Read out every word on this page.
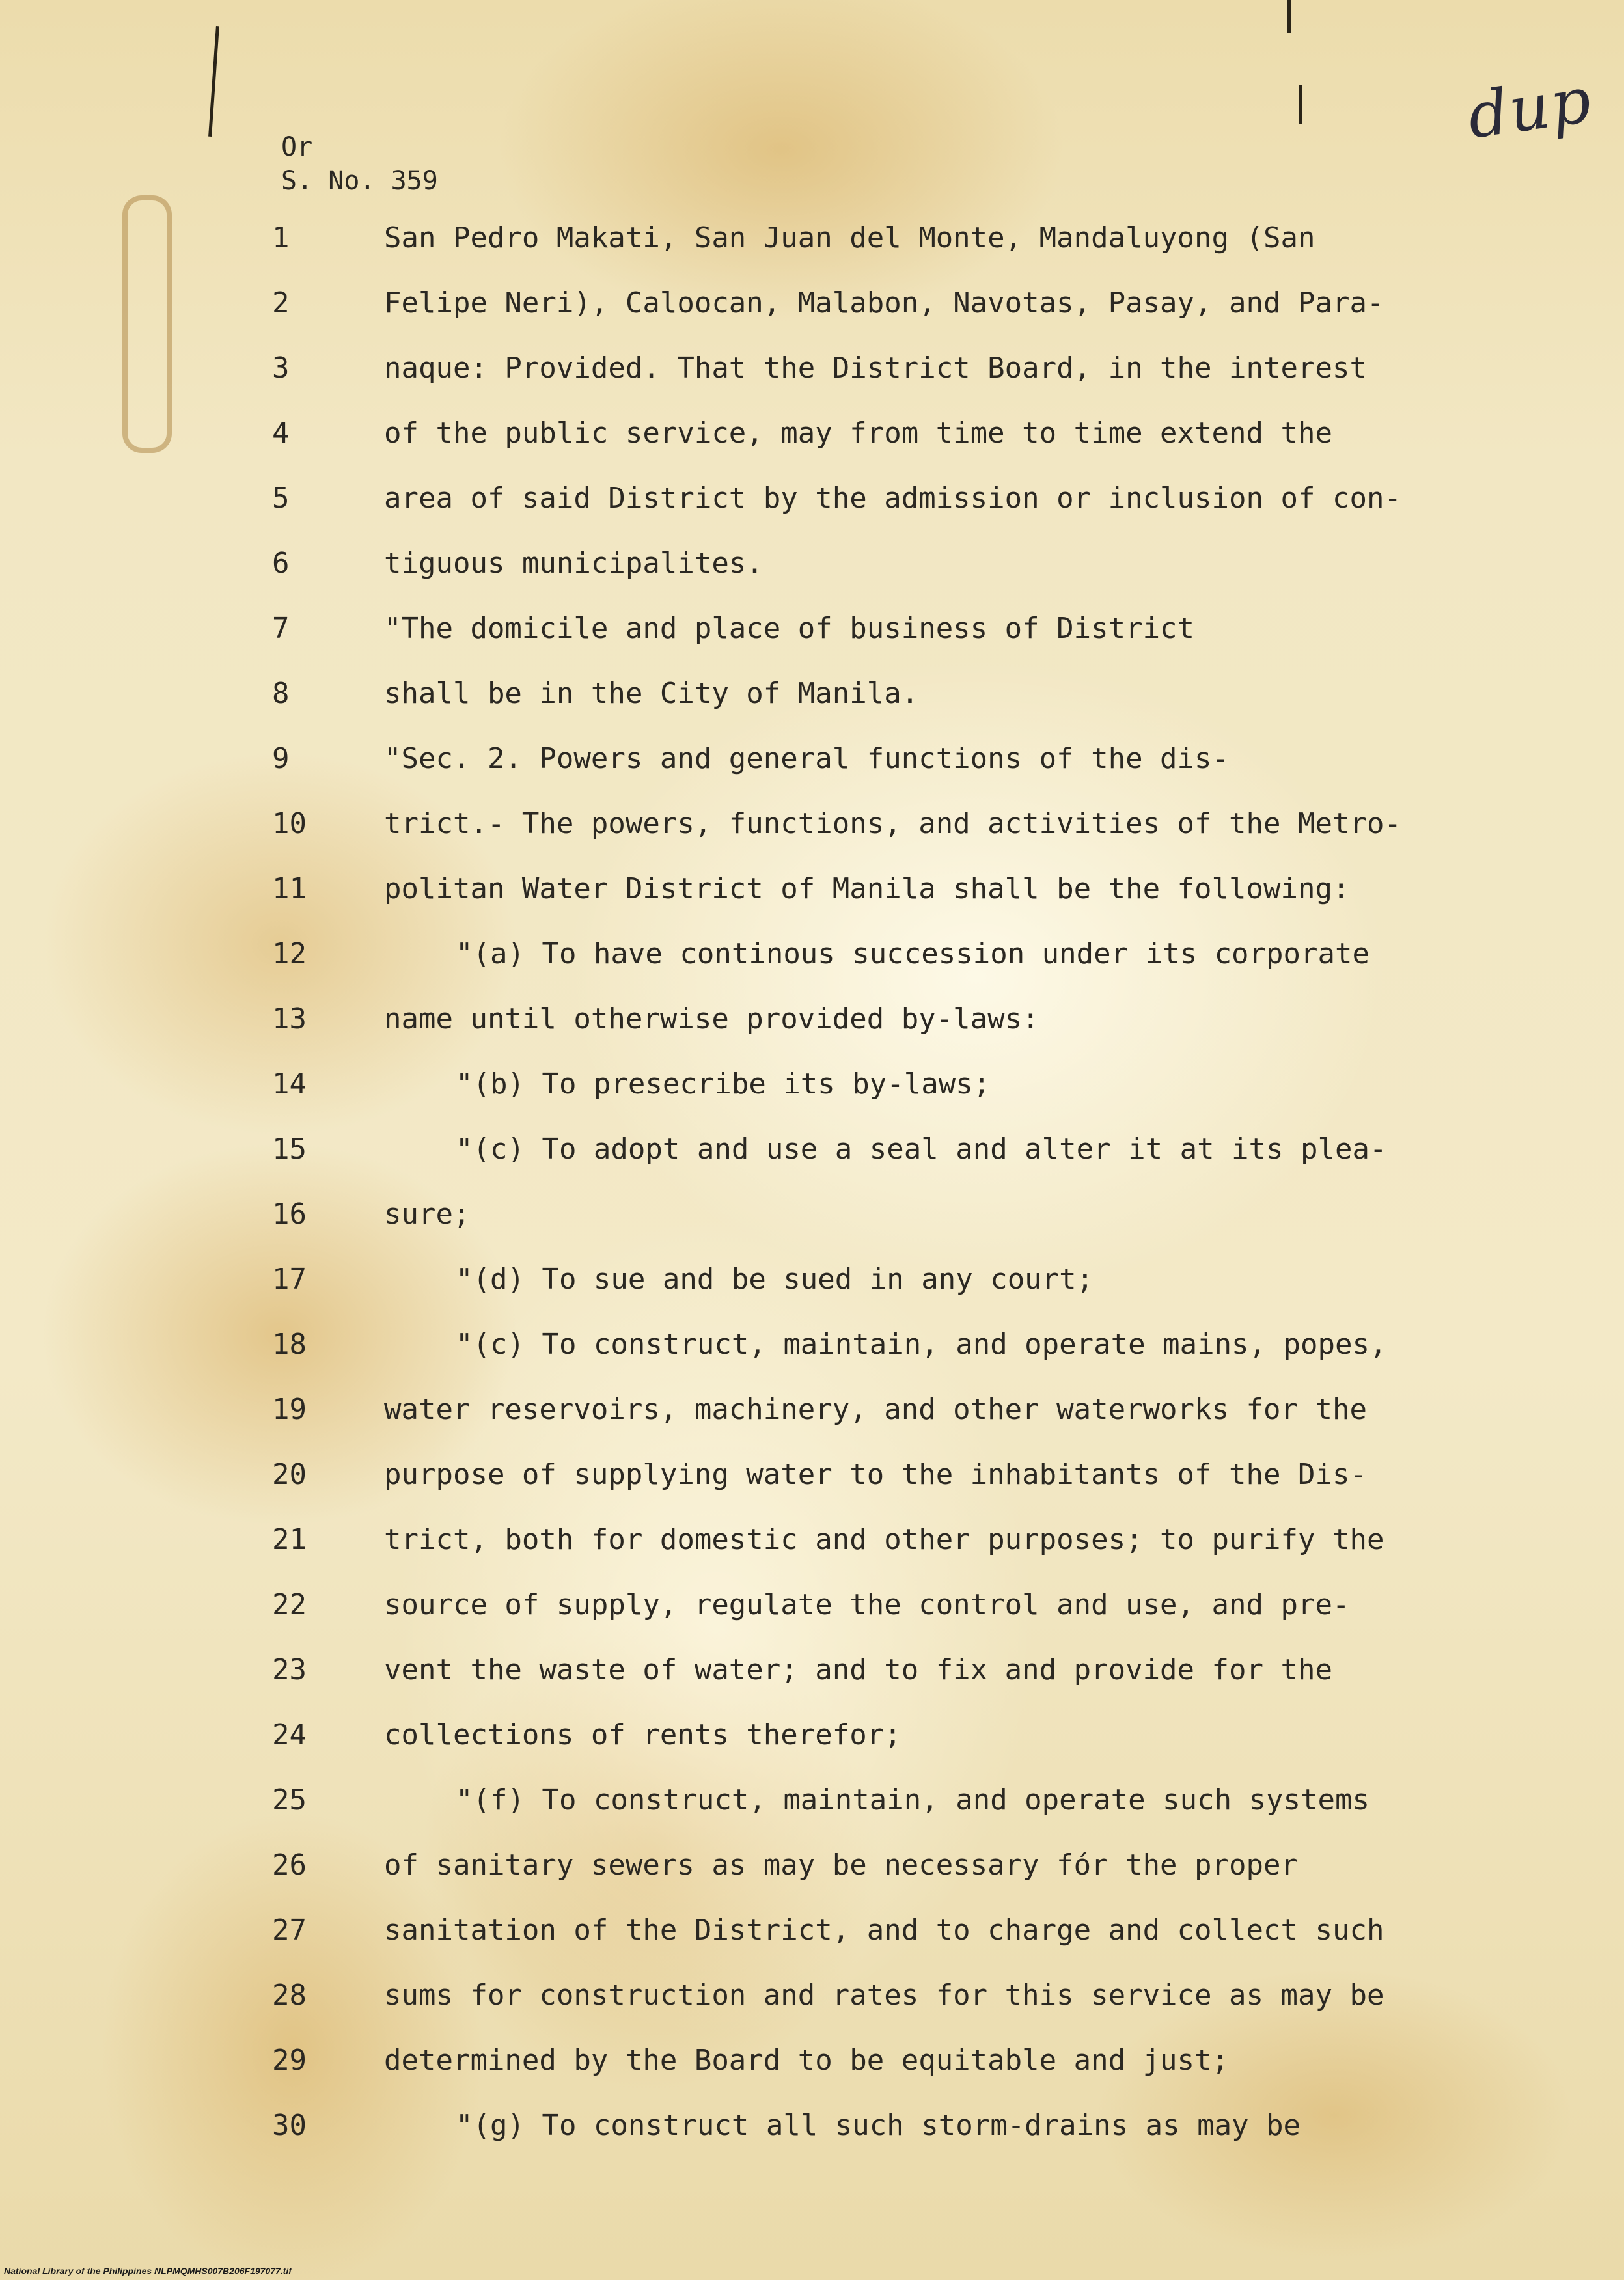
dup
Or
S. No. 359
1	San Pedro Makati, San Juan del Monte, Mandaluyong (San
2	Felipe Neri), Caloocan, Malabon, Navotas, Pasay, and Para-
3	naque: Provided. That the District Board, in the interest
4	of the public service, may from time to time extend the
5	area of said District by the admission or inclusion of con-
6	tiguous municipalites.
7	"The domicile and place of business of District
8	shall be in the City of Manila.
9	"Sec. 2. Powers and general functions of the dis-
10	trict.- The powers, functions, and activities of the Metro-
11	politan Water District of Manila shall be the following:
12	"(a) To have continous succession under its corporate
13	name until otherwise provided by-laws:
14	"(b) To presecribe its by-laws;
15	"(c) To adopt and use a seal and alter it at its plea-
16	sure;
17	"(d) To sue and be sued in any court;
18	"(c) To construct, maintain, and operate mains, popes,
19	water reservoirs, machinery, and other waterworks for the
20	purpose of supplying water to the inhabitants of the Dis-
21	trict, both for domestic and other purposes; to purify the
22	source of supply, regulate the control and use, and pre-
23	vent the waste of water; and to fix and provide for the
24	collections of rents therefor;
25	"(f) To construct, maintain, and operate such systems
26	of sanitary sewers as may be necessary fór the proper
27	sanitation of the District, and to charge and collect such
28	sums for construction and rates for this service as may be
29	determined by the Board to be equitable and just;
30	"(g) To construct all such storm-drains as may be
National Library of the Philippines NLPMQMHS007B206F197077.tif
